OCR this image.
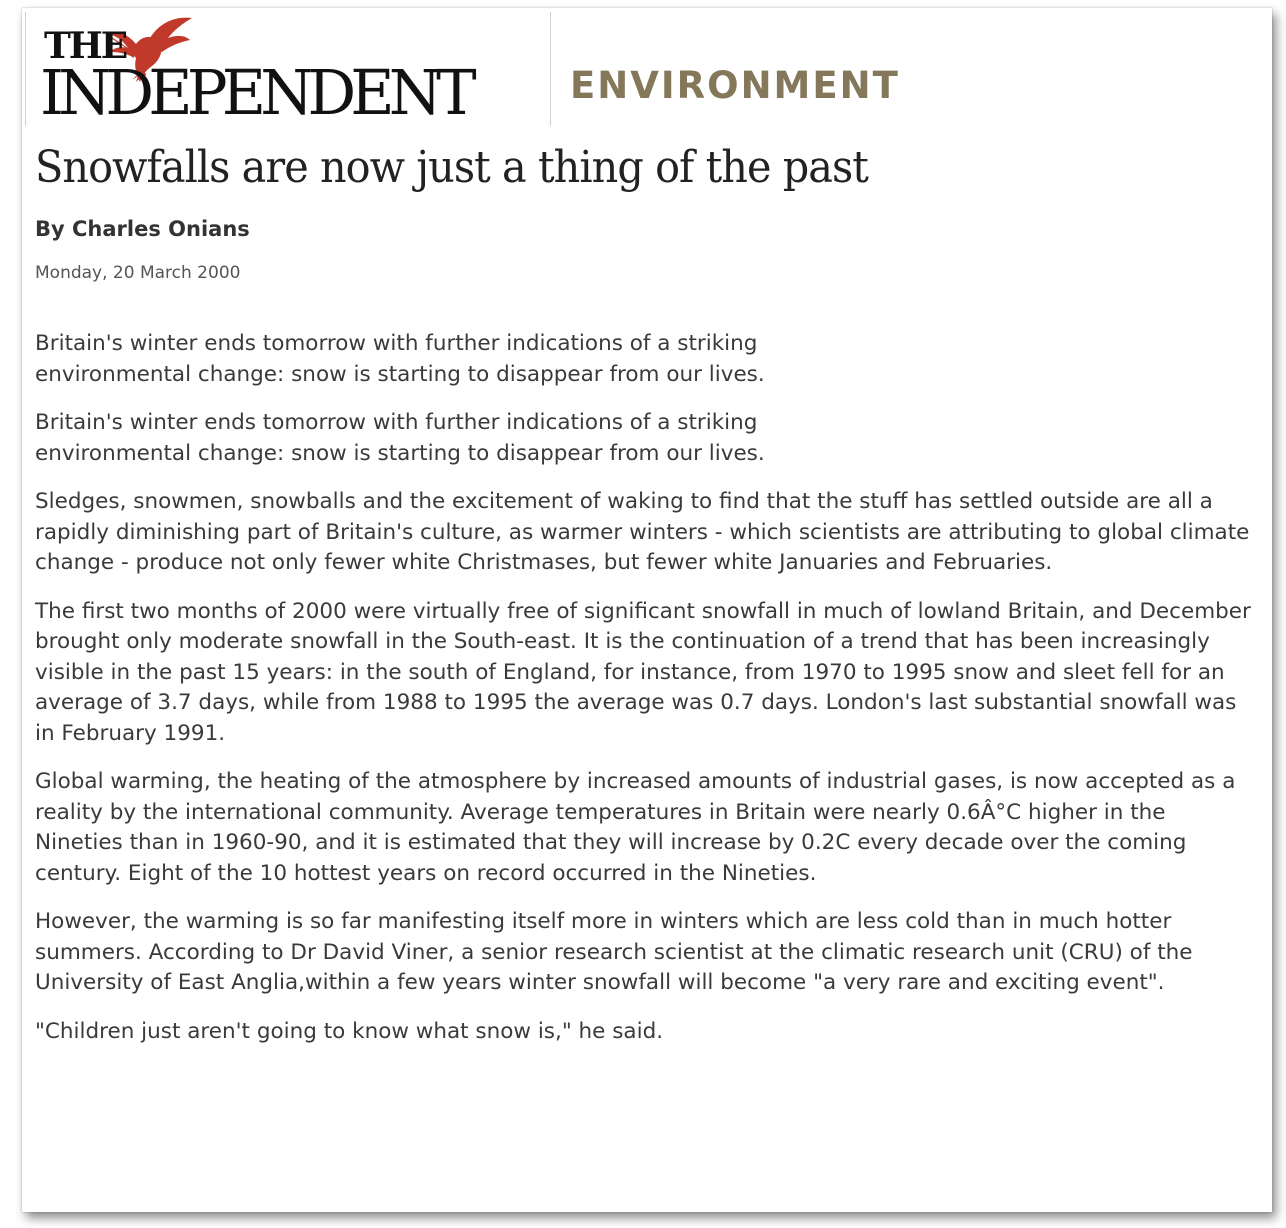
THE
INDEPENDENT	ENVIRONMENT
Snowfalls are now just a thing of the past
By Charles Onians
Monday, 20 March 2000

Britain's winter ends tomorrow with further indications of a striking environmental change: snow is starting to disappear from our lives.

Britain's winter ends tomorrow with further indications of a striking environmental change: snow is starting to disappear from our lives.

Sledges, snowmen, snowballs and the excitement of waking to find that the stuff has settled outside are all a rapidly diminishing part of Britain's culture, as warmer winters - which scientists are attributing to global climate change - produce not only fewer white Christmases, but fewer white Januaries and Februaries.

The first two months of 2000 were virtually free of significant snowfall in much of lowland Britain, and December brought only moderate snowfall in the South-east. It is the continuation of a trend that has been increasingly visible in the past 15 years: in the south of England, for instance, from 1970 to 1995 snow and sleet fell for an average of 3.7 days, while from 1988 to 1995 the average was 0.7 days. London's last substantial snowfall was in February 1991.

Global warming, the heating of the atmosphere by increased amounts of industrial gases, is now accepted as a reality by the international community. Average temperatures in Britain were nearly 0.6Â°C higher in the Nineties than in 1960-90, and it is estimated that they will increase by 0.2C every decade over the coming century. Eight of the 10 hottest years on record occurred in the Nineties.

However, the warming is so far manifesting itself more in winters which are less cold than in much hotter summers. According to Dr David Viner, a senior research scientist at the climatic research unit (CRU) of the University of East Anglia,within a few years winter snowfall will become "a very rare and exciting event".

"Children just aren't going to know what snow is," he said.
